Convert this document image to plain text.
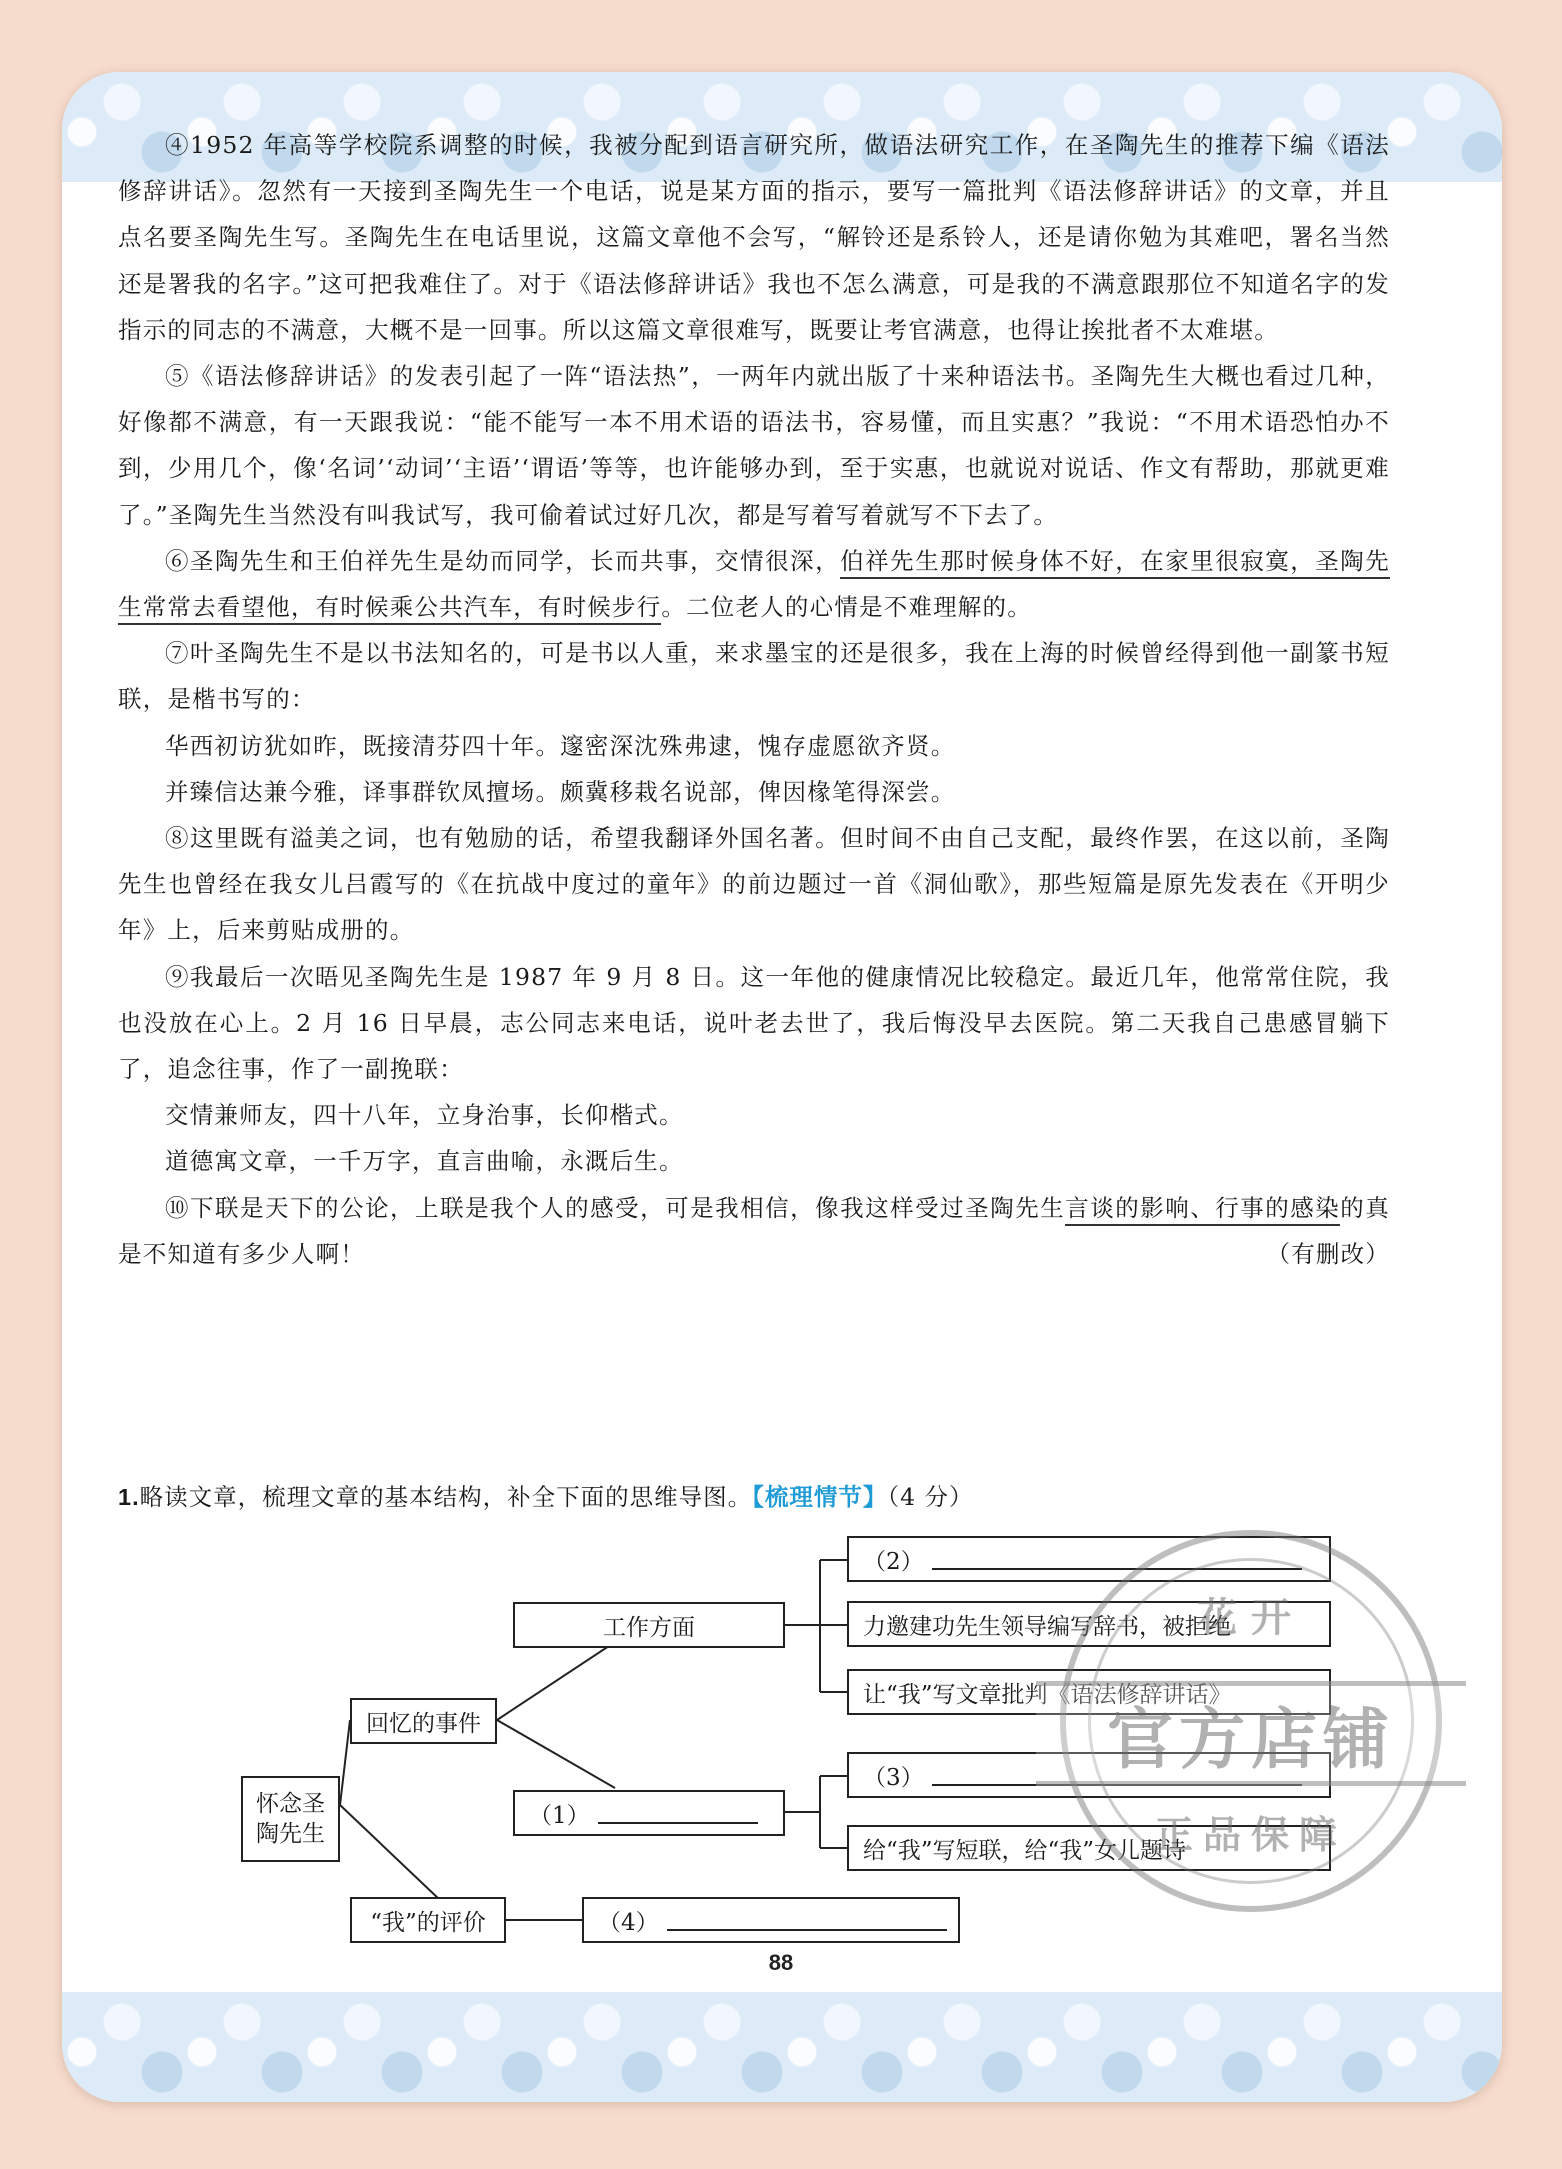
④1952 年高等学校院系调整的时候，我被分配到语言研究所，做语法研究工作，在圣陶先生的推荐下编《语法修辞讲话》。忽然有一天接到圣陶先生一个电话，说是某方面的指示，要写一篇批判《语法修辞讲话》的文章，并且点名要圣陶先生写。圣陶先生在电话里说，这篇文章他不会写，“解铃还是系铃人，还是请你勉为其难吧，署名当然还是署我的名字。”这可把我难住了。对于《语法修辞讲话》我也不怎么满意，可是我的不满意跟那位不知道名字的发指示的同志的不满意，大概不是一回事。所以这篇文章很难写，既要让考官满意，也得让挨批者不太难堪。

⑤《语法修辞讲话》的发表引起了一阵“语法热”，一两年内就出版了十来种语法书。圣陶先生大概也看过几种，好像都不满意，有一天跟我说：“能不能写一本不用术语的语法书，容易懂，而且实惠？”我说：“不用术语恐怕办不到，少用几个，像‘名词’‘动词’‘主语’‘谓语’等等，也许能够办到，至于实惠，也就说对说话、作文有帮助，那就更难了。”圣陶先生当然没有叫我试写，我可偷着试过好几次，都是写着写着就写不下去了。

⑥圣陶先生和王伯祥先生是幼而同学，长而共事，交情很深，伯祥先生那时候身体不好，在家里很寂寞，圣陶先生常常去看望他，有时候乘公共汽车，有时候步行。二位老人的心情是不难理解的。

⑦叶圣陶先生不是以书法知名的，可是书以人重，来求墨宝的还是很多，我在上海的时候曾经得到他一副篆书短联，是楷书写的：

华西初访犹如昨，既接清芬四十年。邃密深沈殊弗逮，愧存虚愿欲齐贤。

并臻信达兼今雅，译事群钦凤擅场。颇冀移栽名说部，俾因椽笔得深尝。

⑧这里既有溢美之词，也有勉励的话，希望我翻译外国名著。但时间不由自己支配，最终作罢，在这以前，圣陶先生也曾经在我女儿吕霞写的《在抗战中度过的童年》的前边题过一首《洞仙歌》，那些短篇是原先发表在《开明少年》上，后来剪贴成册的。

⑨我最后一次晤见圣陶先生是 1987 年 9 月 8 日。这一年他的健康情况比较稳定。最近几年，他常常住院，我也没放在心上。2 月 16 日早晨，志公同志来电话，说叶老去世了，我后悔没早去医院。第二天我自己患感冒躺下了，追念往事，作了一副挽联：

交情兼师友，四十八年，立身治事，长仰楷式。

道德寓文章，一千万字，直言曲喻，永溉后生。

⑩下联是天下的公论，上联是我个人的感受，可是我相信，像我这样受过圣陶先生言谈的影响、行事的感染的真是不知道有多少人啊！	（有删改）

1.略读文章，梳理文章的基本结构，补全下面的思维导图。【梳理情节】（4 分）
怀念圣
陶先生
回忆的事件
“我”的评价
工作方面
（1）
（2）
力邀建功先生领导编写辞书，被拒绝
让“我”写文章批判《语法修辞讲话》
（3）
给“我”写短联，给“我”女儿题诗
（4）
88
花开
官方店铺
正品保障
